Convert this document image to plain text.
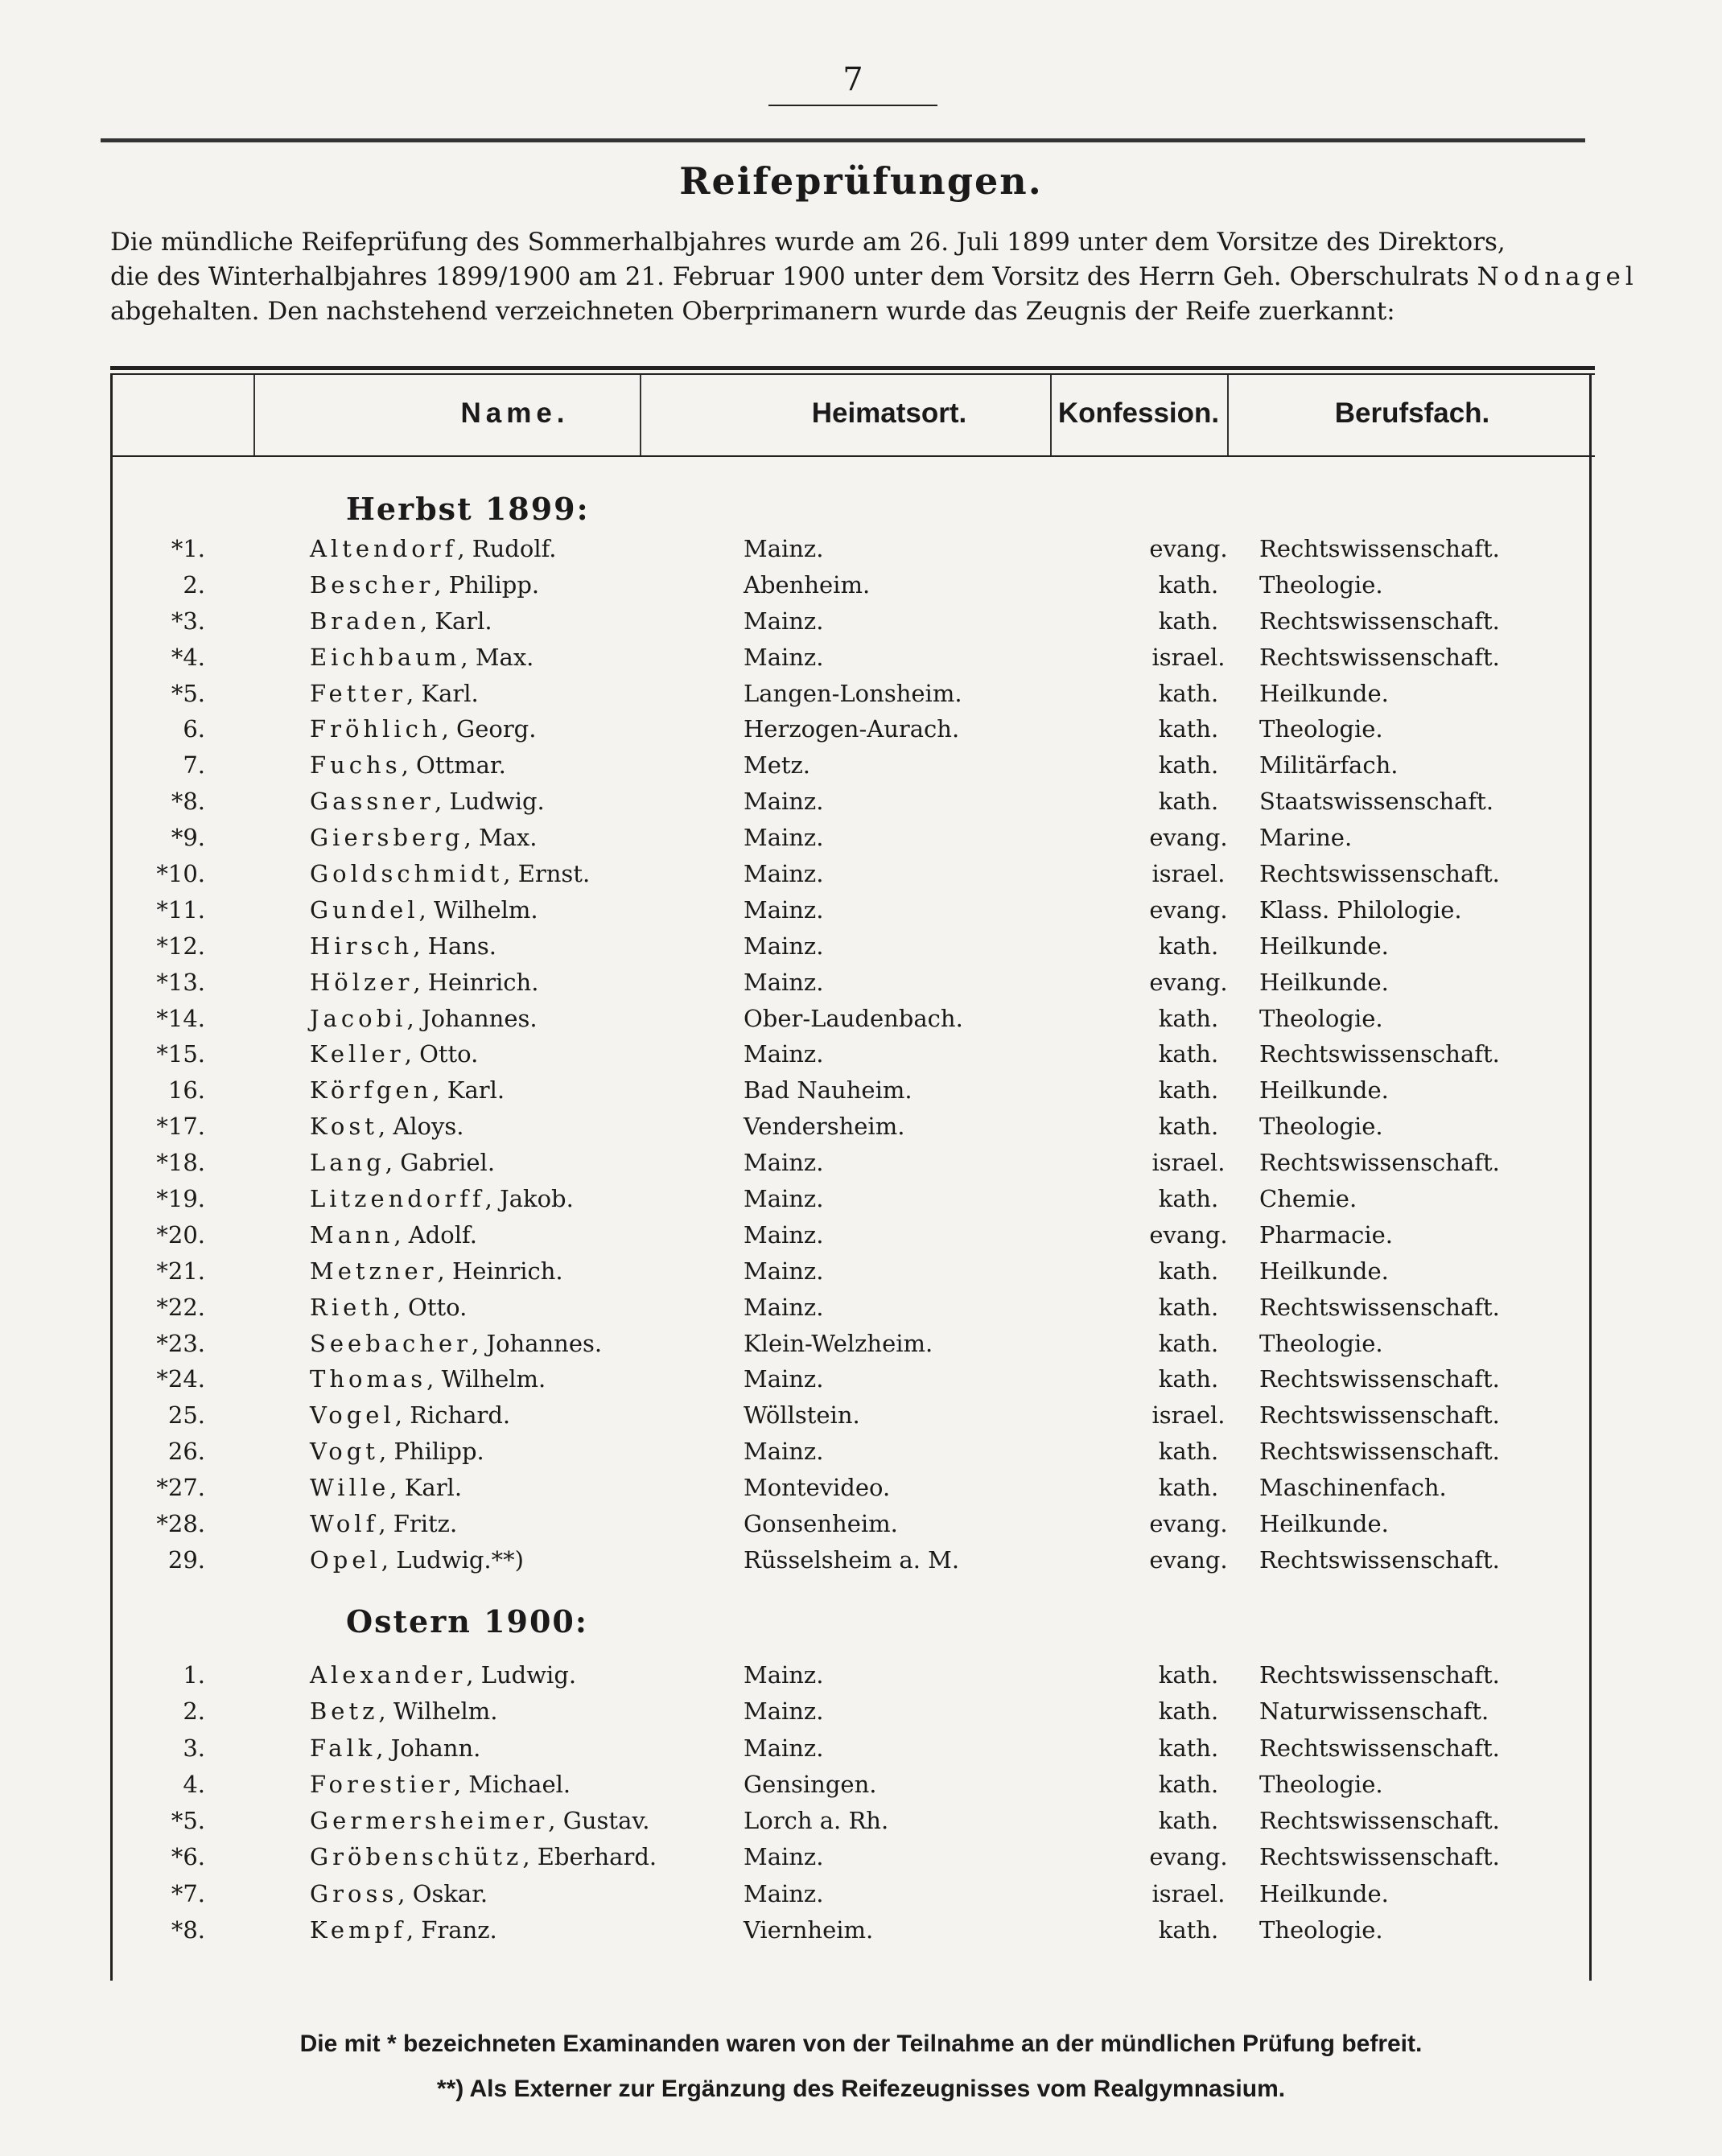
7
Reifeprüfungen.
Die mündliche Reifeprüfung des Sommerhalbjahres wurde am 26. Juli 1899 unter dem Vorsitze des Direktors,
die des Winterhalbjahres 1899/1900 am 21. Februar 1900 unter dem Vorsitz des Herrn Geh. Oberschulrats Nodnagel
abgehalten. Den nachstehend verzeichneten Oberprimanern wurde das Zeugnis der Reife zuerkannt:
Name.	Heimatsort.	Konfession.	Berufsfach.
Herbst 1899:
*1.	Altendorf, Rudolf.	Mainz.	evang.	Rechtswissenschaft.
2.	Bescher, Philipp.	Abenheim.	kath.	Theologie.
*3.	Braden, Karl.	Mainz.	kath.	Rechtswissenschaft.
*4.	Eichbaum, Max.	Mainz.	israel.	Rechtswissenschaft.
*5.	Fetter, Karl.	Langen-Lonsheim.	kath.	Heilkunde.
6.	Fröhlich, Georg.	Herzogen-Aurach.	kath.	Theologie.
7.	Fuchs, Ottmar.	Metz.	kath.	Militärfach.
*8.	Gassner, Ludwig.	Mainz.	kath.	Staatswissenschaft.
*9.	Giersberg, Max.	Mainz.	evang.	Marine.
*10.	Goldschmidt, Ernst.	Mainz.	israel.	Rechtswissenschaft.
*11.	Gundel, Wilhelm.	Mainz.	evang.	Klass. Philologie.
*12.	Hirsch, Hans.	Mainz.	kath.	Heilkunde.
*13.	Hölzer, Heinrich.	Mainz.	evang.	Heilkunde.
*14.	Jacobi, Johannes.	Ober-Laudenbach.	kath.	Theologie.
*15.	Keller, Otto.	Mainz.	kath.	Rechtswissenschaft.
16.	Körfgen, Karl.	Bad Nauheim.	kath.	Heilkunde.
*17.	Kost, Aloys.	Vendersheim.	kath.	Theologie.
*18.	Lang, Gabriel.	Mainz.	israel.	Rechtswissenschaft.
*19.	Litzendorff, Jakob.	Mainz.	kath.	Chemie.
*20.	Mann, Adolf.	Mainz.	evang.	Pharmacie.
*21.	Metzner, Heinrich.	Mainz.	kath.	Heilkunde.
*22.	Rieth, Otto.	Mainz.	kath.	Rechtswissenschaft.
*23.	Seebacher, Johannes.	Klein-Welzheim.	kath.	Theologie.
*24.	Thomas, Wilhelm.	Mainz.	kath.	Rechtswissenschaft.
25.	Vogel, Richard.	Wöllstein.	israel.	Rechtswissenschaft.
26.	Vogt, Philipp.	Mainz.	kath.	Rechtswissenschaft.
*27.	Wille, Karl.	Montevideo.	kath.	Maschinenfach.
*28.	Wolf, Fritz.	Gonsenheim.	evang.	Heilkunde.
29.	Opel, Ludwig.**)	Rüsselsheim a. M.	evang.	Rechtswissenschaft.
Ostern 1900:
1.	Alexander, Ludwig.	Mainz.	kath.	Rechtswissenschaft.
2.	Betz, Wilhelm.	Mainz.	kath.	Naturwissenschaft.
3.	Falk, Johann.	Mainz.	kath.	Rechtswissenschaft.
4.	Forestier, Michael.	Gensingen.	kath.	Theologie.
*5.	Germersheimer, Gustav.	Lorch a. Rh.	kath.	Rechtswissenschaft.
*6.	Gröbenschütz, Eberhard.	Mainz.	evang.	Rechtswissenschaft.
*7.	Gross, Oskar.	Mainz.	israel.	Heilkunde.
*8.	Kempf, Franz.	Viernheim.	kath.	Theologie.
Die mit * bezeichneten Examinanden waren von der Teilnahme an der mündlichen Prüfung befreit.
**) Als Externer zur Ergänzung des Reifezeugnisses vom Realgymnasium.
